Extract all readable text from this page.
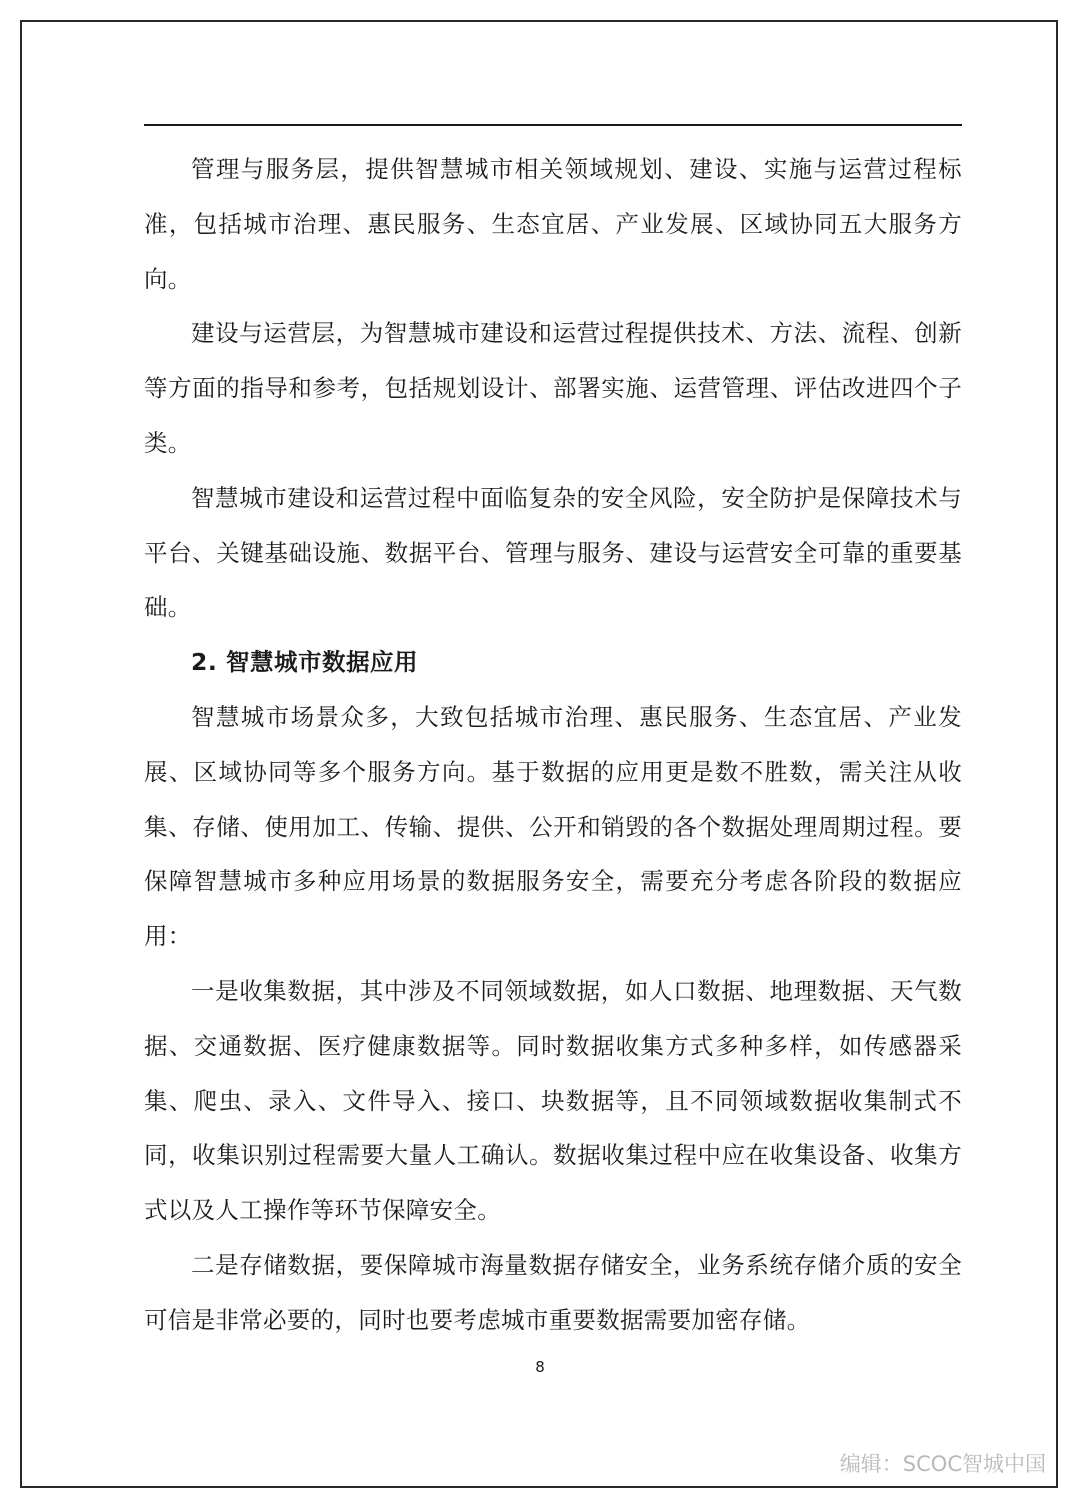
管理与服务层，提供智慧城市相关领域规划、建设、实施与运营过程标准，包括城市治理、惠民服务、生态宜居、产业发展、区域协同五大服务方向。

建设与运营层，为智慧城市建设和运营过程提供技术、方法、流程、创新等方面的指导和参考，包括规划设计、部署实施、运营管理、评估改进四个子类。

智慧城市建设和运营过程中面临复杂的安全风险，安全防护是保障技术与平台、关键基础设施、数据平台、管理与服务、建设与运营安全可靠的重要基础。

2. 智慧城市数据应用

智慧城市场景众多，大致包括城市治理、惠民服务、生态宜居、产业发展、区域协同等多个服务方向。基于数据的应用更是数不胜数，需关注从收集、存储、使用加工、传输、提供、公开和销毁的各个数据处理周期过程。要保障智慧城市多种应用场景的数据服务安全，需要充分考虑各阶段的数据应用：

一是收集数据，其中涉及不同领域数据，如人口数据、地理数据、天气数据、交通数据、医疗健康数据等。同时数据收集方式多种多样，如传感器采集、爬虫、录入、文件导入、接口、块数据等，且不同领域数据收集制式不同，收集识别过程需要大量人工确认。数据收集过程中应在收集设备、收集方式以及人工操作等环节保障安全。

二是存储数据，要保障城市海量数据存储安全，业务系统存储介质的安全可信是非常必要的，同时也要考虑城市重要数据需要加密存储。

8
编辑：SCOC智城中国
